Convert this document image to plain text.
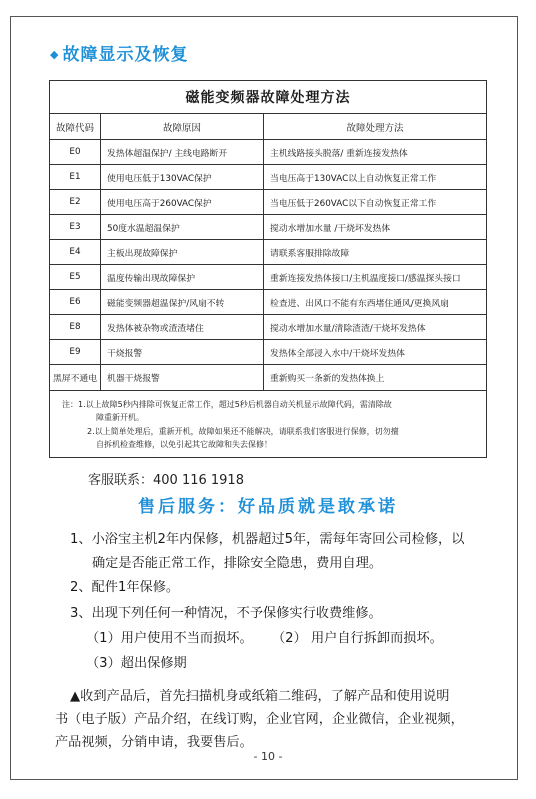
◆ 故障显示及恢复
磁能变频器故障处理方法		
故障代码	故障原因	故障处理方法
E0	发热体超温保护/ 主线电路断开	主机线路接头脱落/ 重新连接发热体
E1	使用电压低于130VAC保护	当电压高于130VAC以上自动恢复正常工作
E2	使用电压高于260VAC保护	当电压低于260VAC以下自动恢复正常工作
E3	50度水温超温保护	搅动水增加水量 /干烧坏发热体
E4	主板出现故障保护	请联系客服排除故障
E5	温度传输出现故障保护	重新连接发热体接口/主机温度接口/感温探头接口
E6	磁能变频器超温保护/风扇不转	检查进、出风口不能有东西堵住通风/更换风扇
E8	发热体被杂物或渣渣堵住	搅动水增加水量/清除渣渣/干烧坏发热体
E9	干烧报警	发热体全部浸入水中/干烧坏发热体
黑屏不通电	机器干烧报警	重新购买一条新的发热体换上
注：1.以上故障5秒内排除可恢复正常工作，超过5秒后机器自动关机显示故障代码，需清除故
障重新开机。
2.以上简单处理后，重新开机，故障如果还不能解决，请联系我们客服进行保修，切勿擅
自拆机检查维修，以免引起其它故障和失去保修！
客服联系：400 116 1918
售后服务：好品质就是敢承诺
1、小浴宝主机2年内保修，机器超过5年，需每年寄回公司检修，以
确定是否能正常工作，排除安全隐患，费用自理。
2、配件1年保修。
3、出现下列任何一种情况，不予保修实行收费维修。
（1）用户使用不当而损坏。 （2） 用户自行拆卸而损坏。
（3）超出保修期
▲收到产品后，首先扫描机身或纸箱二维码，了解产品和使用说明
书（电子版）产品介绍，在线订购，企业官网，企业微信，企业视频，
产品视频，分销申请，我要售后。
- 10 -
